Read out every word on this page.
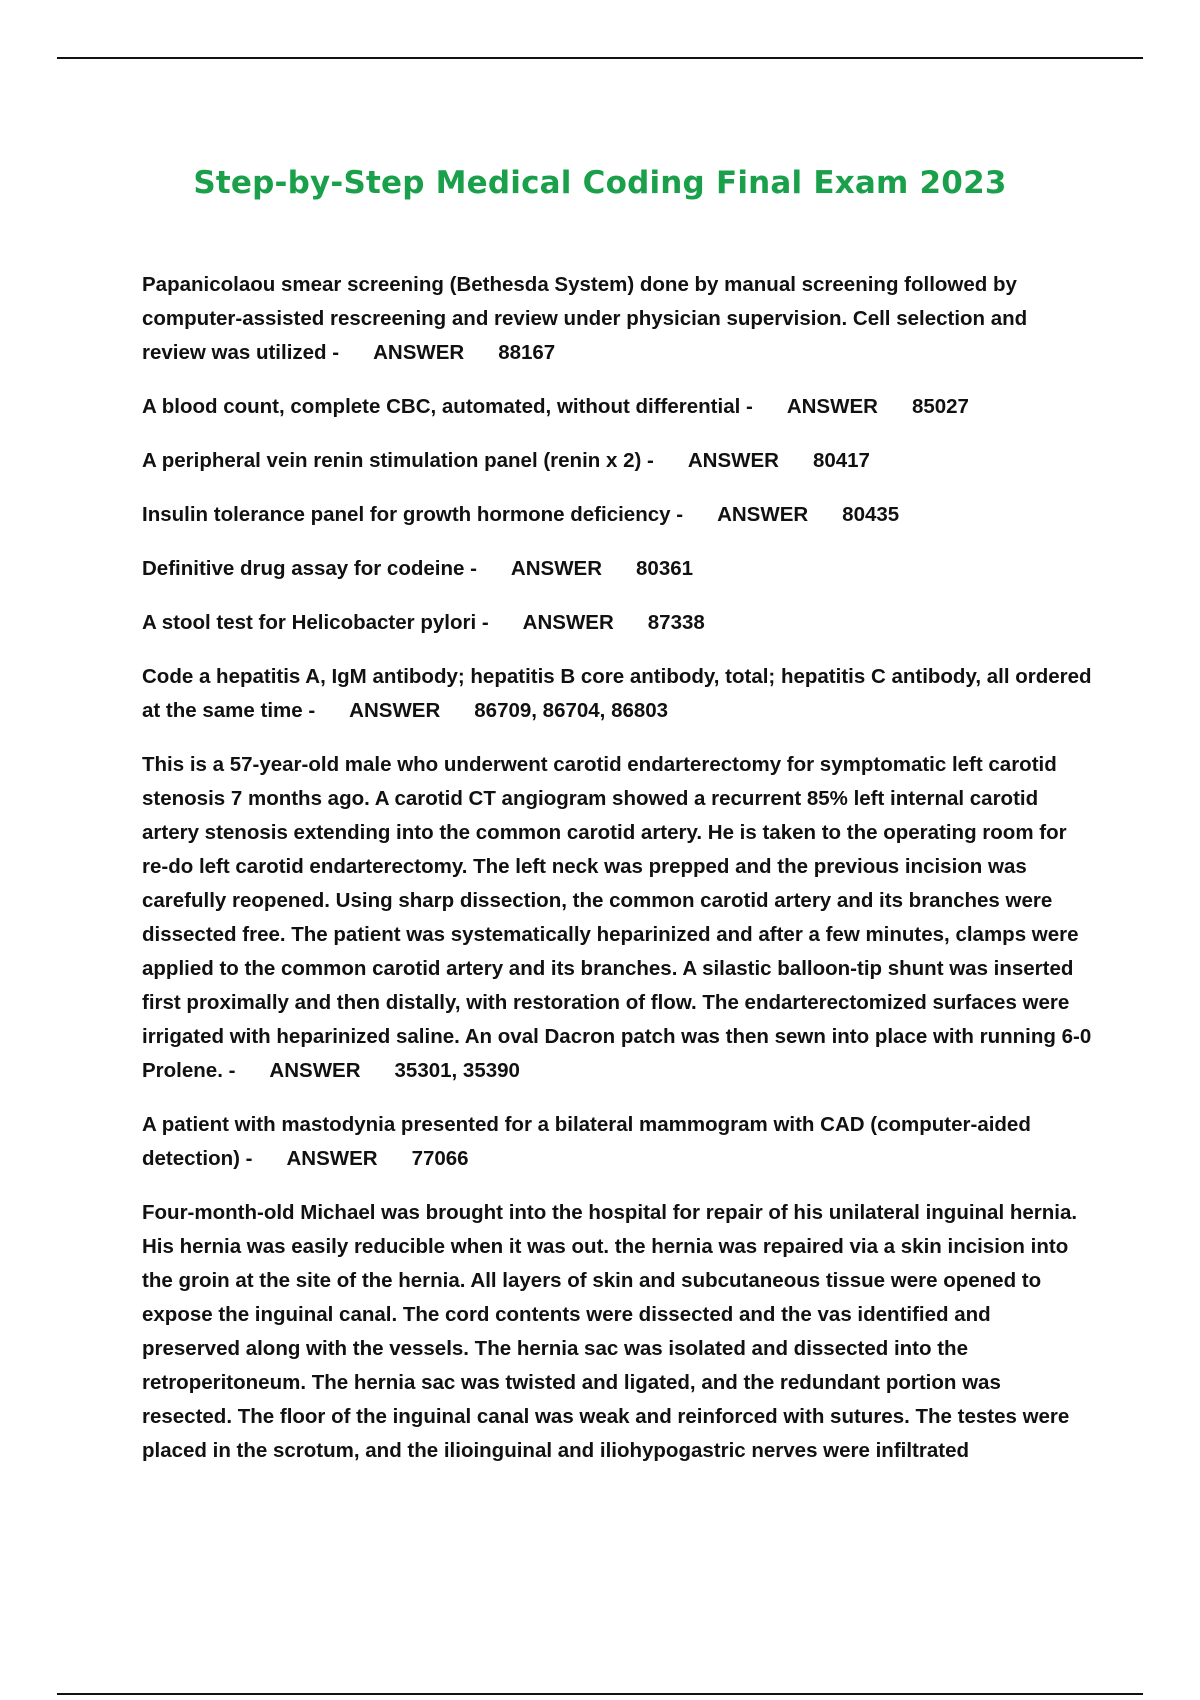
Step-by-Step Medical Coding Final Exam 2023

Papanicolaou smear screening (Bethesda System) done by manual screening followed by computer-assisted rescreening and review under physician supervision. Cell selection and review was utilized - ANSWER 88167

A blood count, complete CBC, automated, without differential - ANSWER 85027

A peripheral vein renin stimulation panel (renin x 2) - ANSWER 80417

Insulin tolerance panel for growth hormone deficiency - ANSWER 80435

Definitive drug assay for codeine - ANSWER 80361

A stool test for Helicobacter pylori - ANSWER 87338

Code a hepatitis A, IgM antibody; hepatitis B core antibody, total; hepatitis C antibody, all ordered at the same time - ANSWER 86709, 86704, 86803

This is a 57-year-old male who underwent carotid endarterectomy for symptomatic left carotid stenosis 7 months ago. A carotid CT angiogram showed a recurrent 85% left internal carotid artery stenosis extending into the common carotid artery. He is taken to the operating room for re-do left carotid endarterectomy. The left neck was prepped and the previous incision was carefully reopened. Using sharp dissection, the common carotid artery and its branches were dissected free. The patient was systematically heparinized and after a few minutes, clamps were applied to the common carotid artery and its branches. A silastic balloon-tip shunt was inserted first proximally and then distally, with restoration of flow. The endarterectomized surfaces were irrigated with heparinized saline. An oval Dacron patch was then sewn into place with running 6-0 Prolene. - ANSWER 35301, 35390

A patient with mastodynia presented for a bilateral mammogram with CAD (computer-aided detection) - ANSWER 77066

Four-month-old Michael was brought into the hospital for repair of his unilateral inguinal hernia. His hernia was easily reducible when it was out. the hernia was repaired via a skin incision into the groin at the site of the hernia. All layers of skin and subcutaneous tissue were opened to expose the inguinal canal. The cord contents were dissected and the vas identified and preserved along with the vessels. The hernia sac was isolated and dissected into the retroperitoneum. The hernia sac was twisted and ligated, and the redundant portion was resected. The floor of the inguinal canal was weak and reinforced with sutures. The testes were placed in the scrotum, and the ilioinguinal and iliohypogastric nerves were infiltrated
